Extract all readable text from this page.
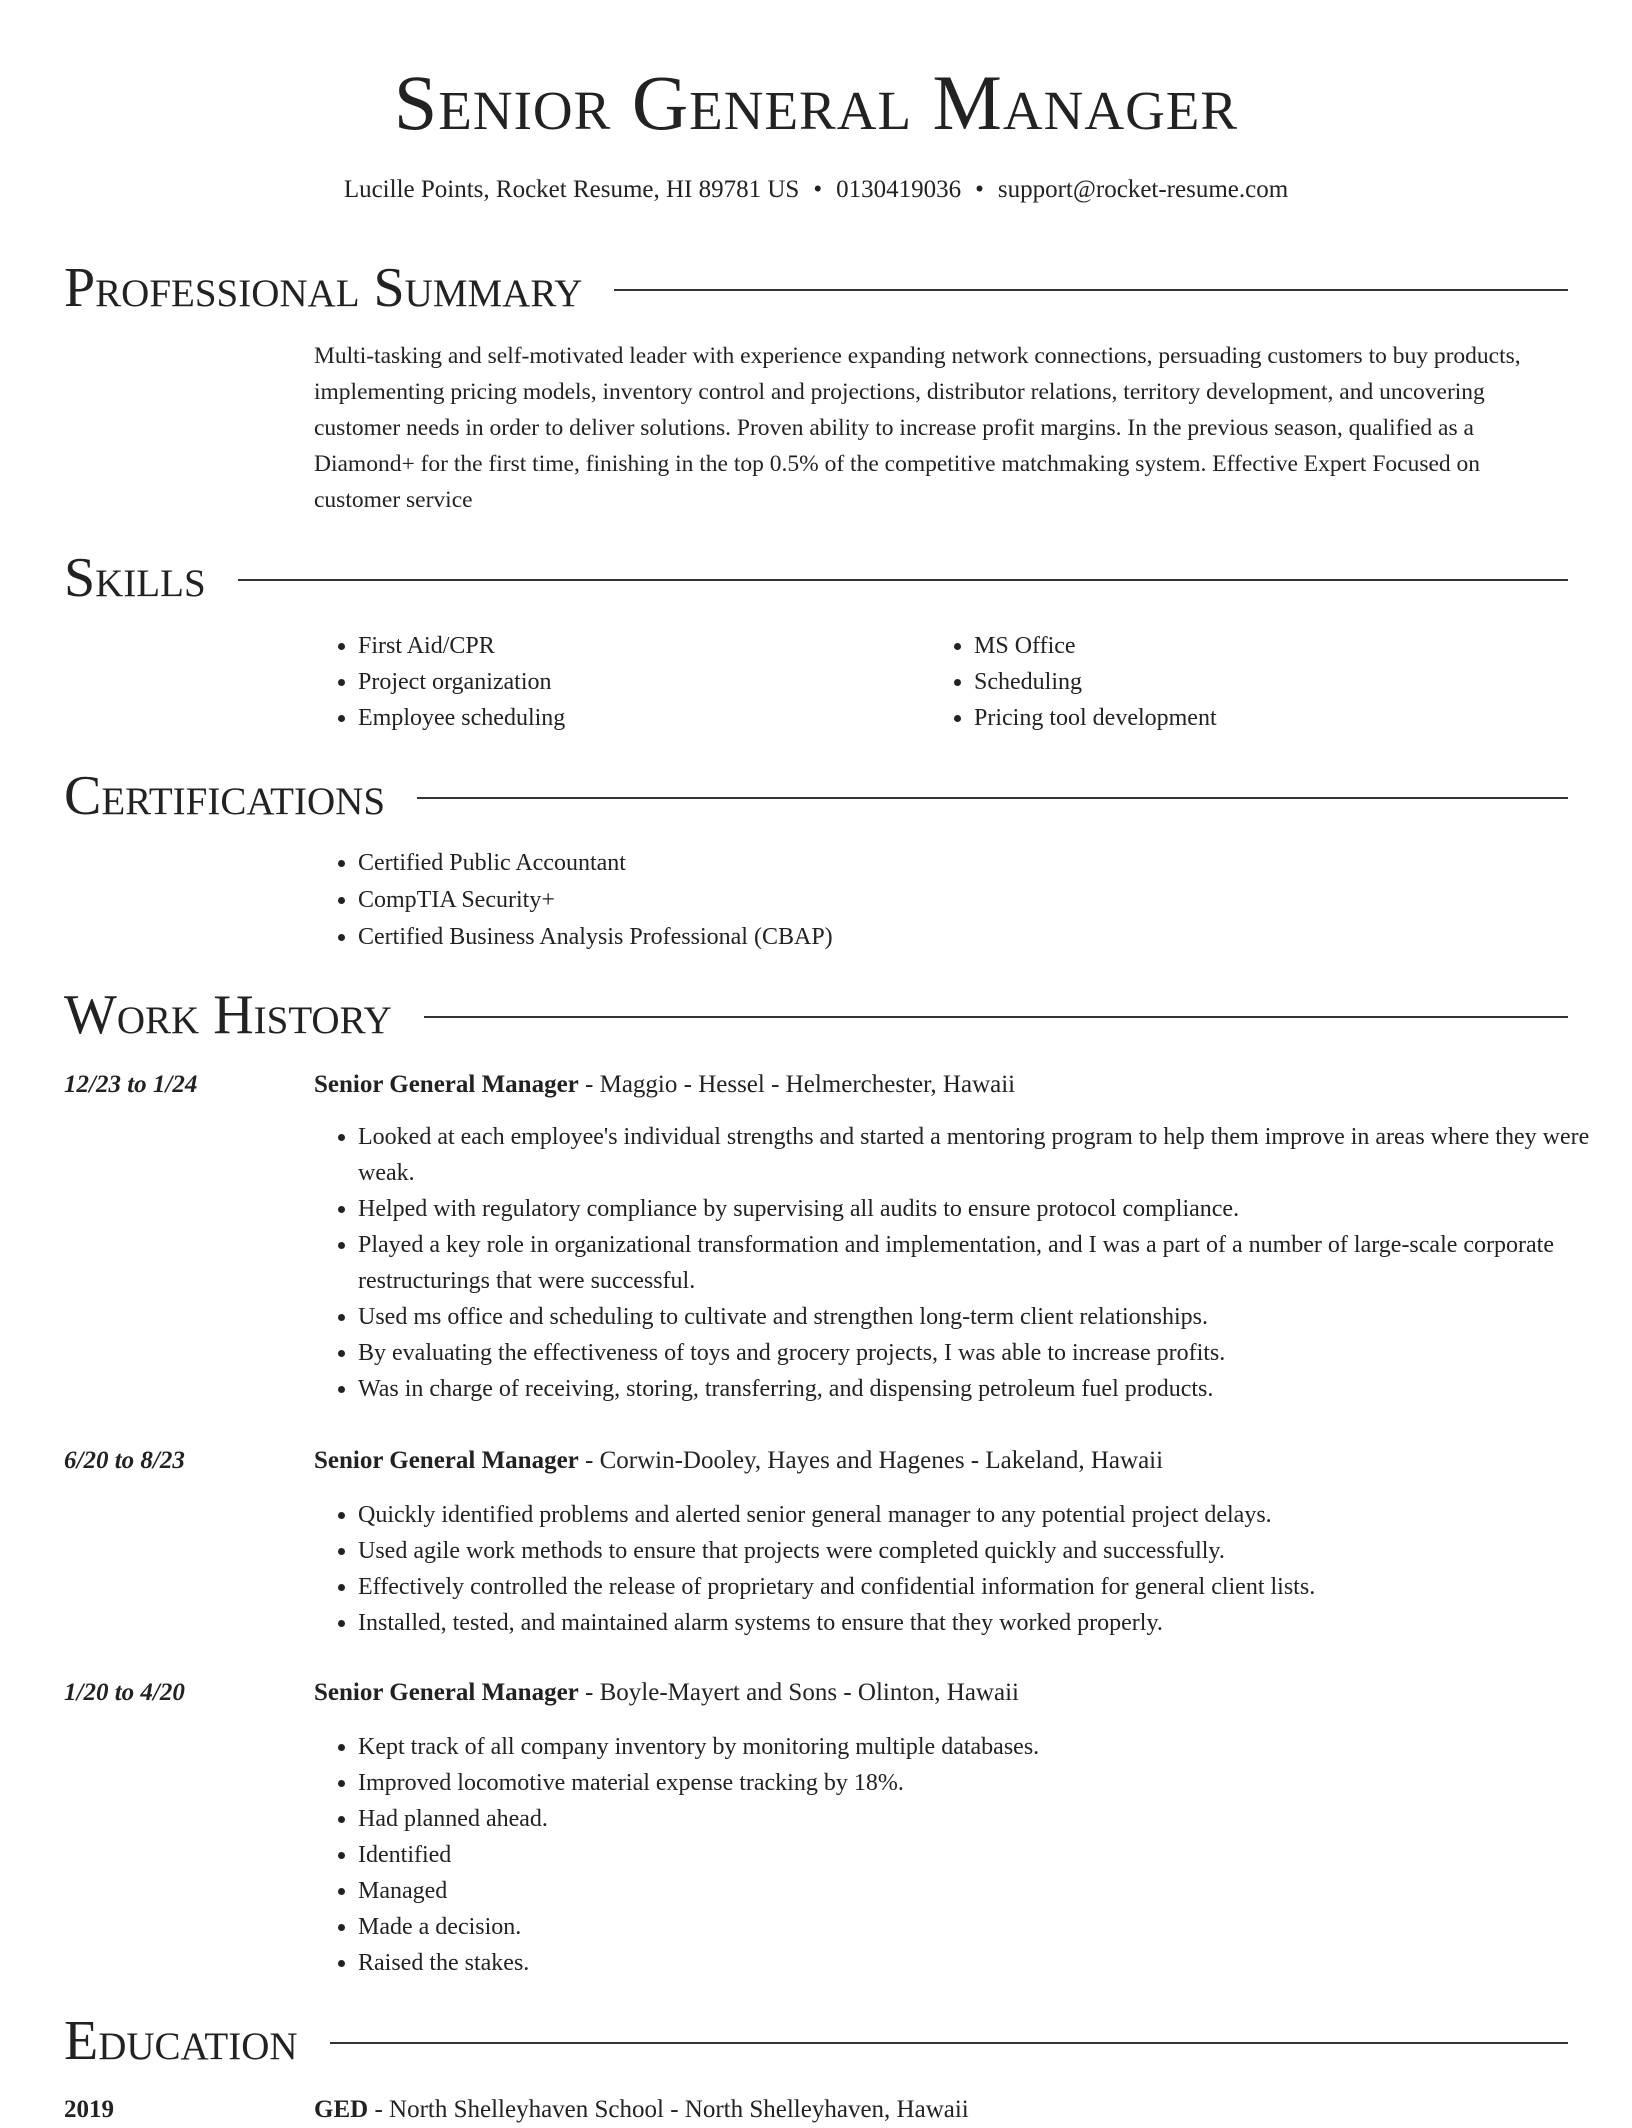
Senior General Manager
Lucille Points, Rocket Resume, HI 89781 US • 0130419036 • support@rocket-resume.com
Professional Summary

Multi-tasking and self-motivated leader with experience expanding network connections, persuading customers to buy products, implementing pricing models, inventory control and projections, distributor relations, territory development, and uncovering customer needs in order to deliver solutions. Proven ability to increase profit margins. In the previous season, qualified as a Diamond+ for the first time, finishing in the top 0.5% of the competitive matchmaking system. Effective Expert Focused on customer service

Skills
• First Aid/CPR
• Project organization
• Employee scheduling
• MS Office
• Scheduling
• Pricing tool development
Certifications
• Certified Public Accountant
• CompTIA Security+
• Certified Business Analysis Professional (CBAP)
Work History
12/23 to 1/24	Senior General Manager - Maggio - Hessel - Helmerchester, Hawaii
• Looked at each employee's individual strengths and started a mentoring program to help them improve in areas where they were weak.
• Helped with regulatory compliance by supervising all audits to ensure protocol compliance.
• Played a key role in organizational transformation and implementation, and I was a part of a number of large-scale corporate restructurings that were successful.
• Used ms office and scheduling to cultivate and strengthen long-term client relationships.
• By evaluating the effectiveness of toys and grocery projects, I was able to increase profits.
• Was in charge of receiving, storing, transferring, and dispensing petroleum fuel products.
6/20 to 8/23	Senior General Manager - Corwin-Dooley, Hayes and Hagenes - Lakeland, Hawaii
• Quickly identified problems and alerted senior general manager to any potential project delays.
• Used agile work methods to ensure that projects were completed quickly and successfully.
• Effectively controlled the release of proprietary and confidential information for general client lists.
• Installed, tested, and maintained alarm systems to ensure that they worked properly.
1/20 to 4/20	Senior General Manager - Boyle-Mayert and Sons - Olinton, Hawaii
• Kept track of all company inventory by monitoring multiple databases.
• Improved locomotive material expense tracking by 18%.
• Had planned ahead.
• Identified
• Managed
• Made a decision.
• Raised the stakes.
Education
2019	GED - North Shelleyhaven School - North Shelleyhaven, Hawaii
